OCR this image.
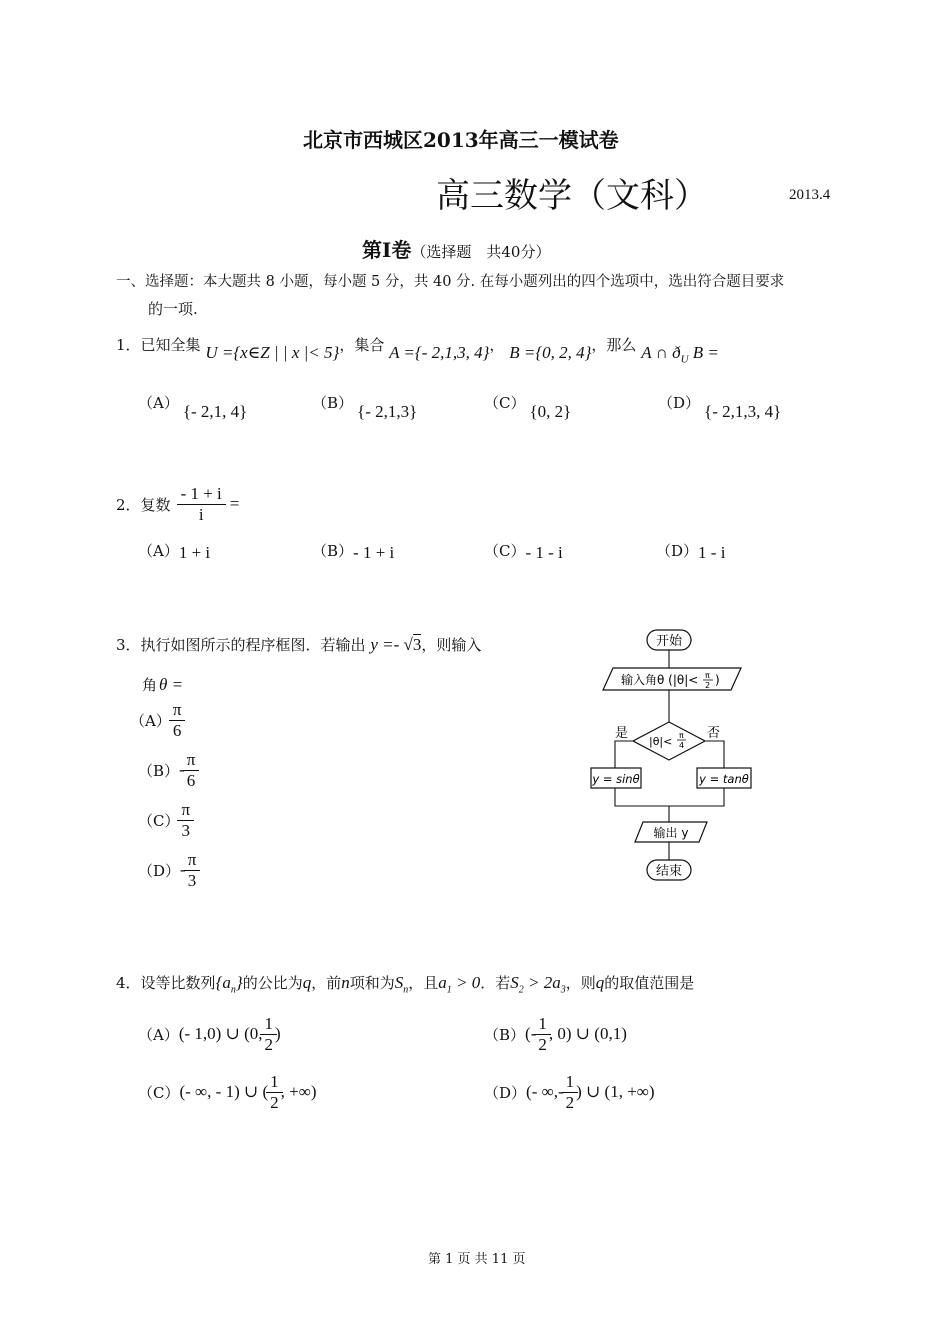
北京市西城区2013年高三一模试卷
高三数学（文科）	2013.4
第Ⅰ卷（选择题　共40分）
一、选择题：本大题共 8 小题，每小题 5 分，共 40 分. 在每小题列出的四个选项中，选出符合题目要求
的一项.
1．已知全集 U ={x∈Z | | x |< 5}，集合 A ={- 2,1,3, 4}， B ={0, 2, 4}，那么 A ∩ $ð_U$ B =
（A） {- 2,1, 4}	（B） {- 2,1,3}	（C） {0, 2}	（D） {- 2,1,3, 4}
2． 复数 $\frac{- 1 + i}{i}$ =
（A）1 + i	（B）- 1 + i	（C）- 1 - i	（D）1 - i
3．执行如图所示的程序框图．若输出 y =- √3，则输入
角 θ =
$(A) \frac{\pi}{6}$
$(B) - \frac{\pi}{6}$
$(C) \frac{\pi}{3}$
$(D) - \frac{\pi}{3}$
开始
输入角θ (|θ|< π
2 )
|θ|< π
4
是	否
y = sinθ	y = tanθ
输出 y
结束
4．设等比数列$\{a_n\}$的公比为q，前n项和为$S_n$，且$a_1 > 0$．若$S_2 > 2a_3$，则q的取值范围是
（A） (- 1,0) ∪ (0, $\frac{1}{2}$ )	（B） ( - $\frac{1}{2}$ , 0) ∪ (0,1)
（C） (- ∞, - 1) ∪ ( $\frac{1}{2}$ , +∞)	（D） (- ∞, - $\frac{1}{2}$ ) ∪ (1, +∞)
第 1 页 共 11 页
